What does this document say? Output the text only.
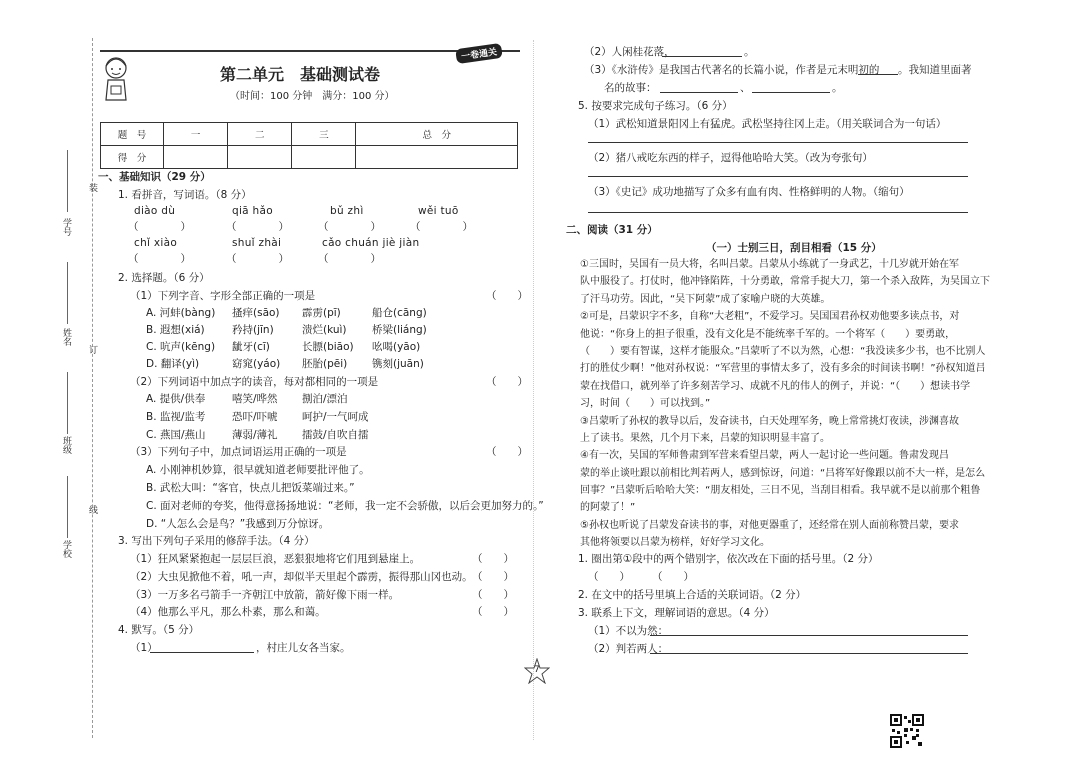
学号
姓名
班级
学校
装
订
线
第二单元　基础测试卷
（时间：100 分钟　满分：100 分）
一卷通关
题　号	一	二	三	总　分
得　分				
一、基础知识（29 分）
1. 看拼音，写词语。（8 分）
diào dù	qiā hǎo	bǔ zhì	wěi tuō
（　　　　）	（　　　　）	（　　　　）	（　　　　）
chǐ xiào	shuǐ zhài	cǎo chuán jiè jiàn
（　　　　）	（　　　　）	（　　　　）
2. 选择题。（6 分）
（1）下列字音、字形全部正确的一项是	（　　）
A. 河蚌(bàng) 搔痒(sāo) 霹雳(pī)	船仓(cāng)
B. 遐想(xiá)	矜持(jīn)	溃烂(kuì) 桥梁(liáng)
C. 吭声(kēng) 龇牙(cī)	长膘(biāo) 吆喝(yāo)
D. 翻译(yì)	窈窕(yáo) 胚胎(pēi) 镌刻(juān)
（2）下列词语中加点字的读音，每对都相同的一项是	（　　）
A. 提供/供奉	嘻笑/哗然 捌泊/漂泊
B. 监视/监考	恐吓/吓唬 呵护/一气呵成
C. 燕国/燕山	薄弱/薄礼 擂鼓/自吹自擂
（3）下列句子中，加点词语运用正确的一项是	（　　）
A. 小刚神机妙算，很早就知道老师要批评他了。
B. 武松大叫：“客官，快点儿把饭菜端过来。”
C. 面对老师的夸奖，他得意扬扬地说：“老师，我一定不会骄傲，以后会更加努力的。”
D. “人怎么会是鸟？”我感到万分惊讶。
3. 写出下列句子采用的修辞手法。（4 分）
（1）狂风紧紧抱起一层层巨浪，恶狠狠地将它们甩到悬崖上。	（　　）
（2）大虫见掀他不着，吼一声，却似半天里起个霹雳，振得那山冈也动。 （　　）
（3）一万多名弓箭手一齐朝江中放箭，箭好像下雨一样。	（　　）
（4）他那么平凡，那么朴素，那么和蔼。	（　　）
4. 默写。（5 分）
（1）	，村庄儿女各当家。
7
（2）人闲桂花落，	。
（3）《水浒传》是我国古代著名的长篇小说，作者是元末明初的 。我知道里面著
名的故事：	、	。
5. 按要求完成句子练习。（6 分）
（1）武松知道景阳冈上有猛虎。武松坚持往冈上走。（用关联词合为一句话）
（2）猪八戒吃东西的样子，逗得他哈哈大笑。（改为夸张句）
（3）《史记》成功地描写了众多有血有肉、性格鲜明的人物。（缩句）
二、阅读（31 分）
（一）士别三日，刮目相看（15 分）
①三国时，吴国有一员大将，名叫吕蒙。吕蒙从小练就了一身武艺，十几岁就开始在军
队中服役了。打仗时，他冲锋陷阵，十分勇敢，常常手捉大刀，第一个杀入敌阵，为吴国立下
了汗马功劳。因此，“吴下阿蒙”成了家喻户晓的大英雄。
②可是，吕蒙识字不多，自称“大老粗”，不爱学习。吴国国君孙权劝他要多读点书，对
他说：“你身上的担子很重，没有文化是不能统率千军的。一个将军（　　）要勇敢，
（　　）要有智谋，这样才能服众。”吕蒙听了不以为然，心想：“我没读多少书，也不比别人
打的胜仗少啊！”他对孙权说：“军营里的事情太多了，没有多余的时间读书啊！”孙权知道吕
蒙在找借口，就列举了许多刻苦学习、成就不凡的伟人的例子，并说：“（　　）想读书学
习，时间（　　）可以找到。”
③吕蒙听了孙权的教导以后，发奋读书，白天处理军务，晚上常常挑灯夜读，涉渊喜故
上了读书。果然，几个月下来，吕蒙的知识明显丰富了。
④有一次，吴国的军师鲁肃到军营来看望吕蒙，两人一起讨论一些问题。鲁肃发现吕
蒙的举止谈吐跟以前相比判若两人，感到惊讶，问道：“吕将军好像跟以前不大一样，是怎么
回事？”吕蒙听后哈哈大笑：“朋友相处，三日不见，当刮目相看。我早就不是以前那个粗鲁
的阿蒙了！”
⑤孙权也听说了吕蒙发奋读书的事，对他更器重了，还经常在别人面前称赞吕蒙，要求
其他将领要以吕蒙为榜样，好好学习文化。
1. 圈出第①段中的两个错别字，依次改在下面的括号里。（2 分）
（　　） （　　）
2. 在文中的括号里填上合适的关联词语。（2 分）
3. 联系上下文，理解词语的意思。（4 分）
（1）不以为然：
（2）判若两人：
